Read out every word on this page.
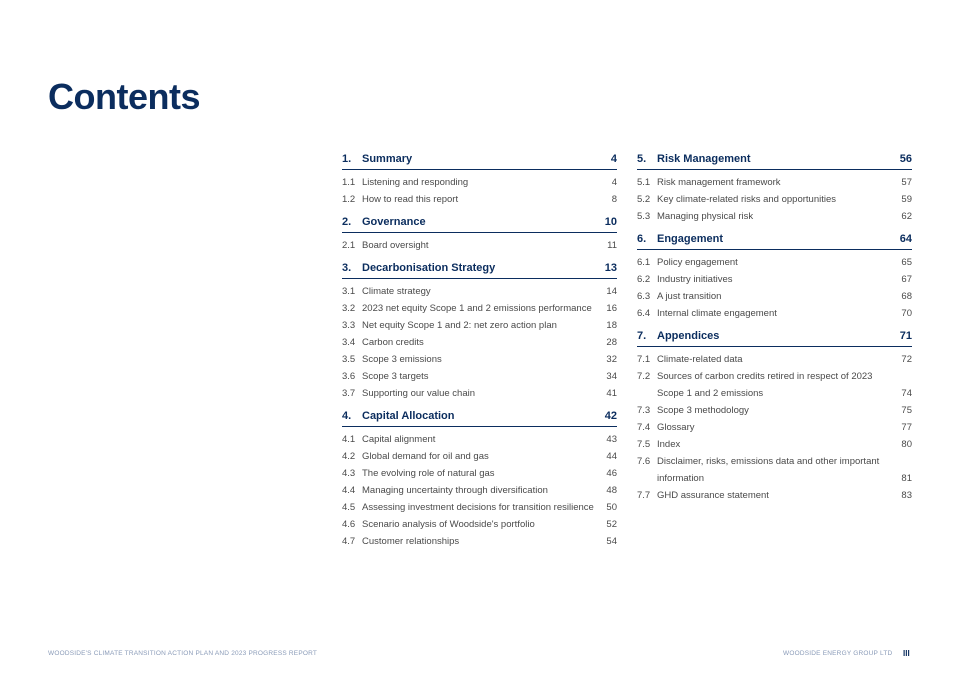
Contents
1. Summary	4
1.1 Listening and responding	4
1.2 How to read this report	8
2. Governance	10
2.1 Board oversight	11
3. Decarbonisation Strategy	13
3.1 Climate strategy	14
3.2 2023 net equity Scope 1 and 2 emissions performance	16
3.3 Net equity Scope 1 and 2: net zero action plan	18
3.4 Carbon credits	28
3.5 Scope 3 emissions	32
3.6 Scope 3 targets	34
3.7 Supporting our value chain	41
4. Capital Allocation	42
4.1 Capital alignment	43
4.2 Global demand for oil and gas	44
4.3 The evolving role of natural gas	46
4.4 Managing uncertainty through diversification	48
4.5 Assessing investment decisions for transition resilience	50
4.6 Scenario analysis of Woodside's portfolio	52
4.7 Customer relationships	54
5. Risk Management	56
5.1 Risk management framework	57
5.2 Key climate-related risks and opportunities	59
5.3 Managing physical risk	62
6. Engagement	64
6.1 Policy engagement	65
6.2 Industry initiatives	67
6.3 A just transition	68
6.4 Internal climate engagement	70
7. Appendices	71
7.1 Climate-related data	72
7.2 Sources of carbon credits retired in respect of 2023 Scope 1 and 2 emissions	74
7.3 Scope 3 methodology	75
7.4 Glossary	77
7.5 Index	80
7.6 Disclaimer, risks, emissions data and other important information	81
7.7 GHD assurance statement	83
WOODSIDE'S CLIMATE TRANSITION ACTION PLAN AND 2023 PROGRESS REPORT	WOODSIDE ENERGY GROUP LTD III
